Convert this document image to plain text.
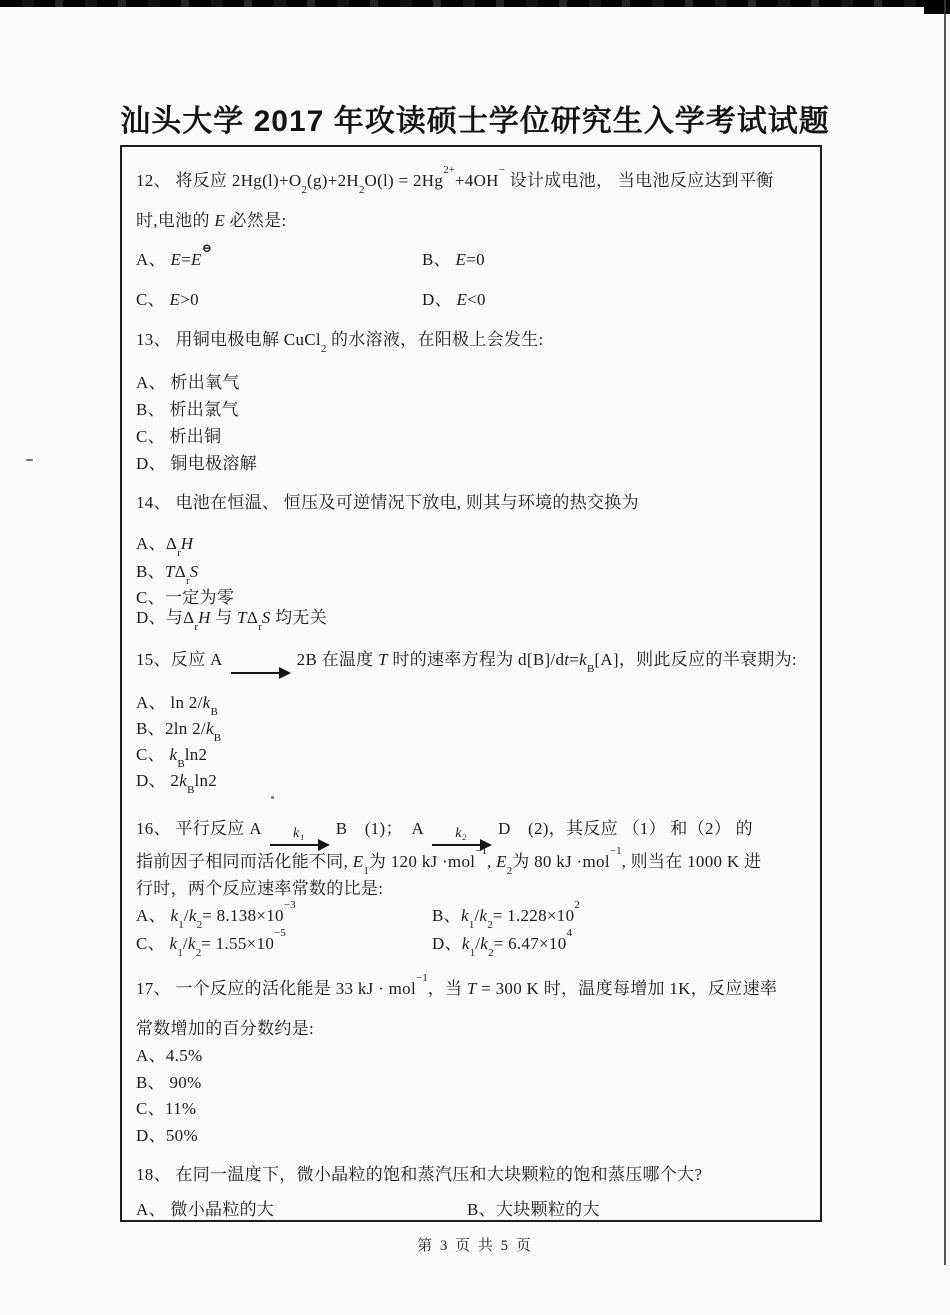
汕头大学 2017 年攻读硕士学位研究生入学考试试题
12、 将反应 $2Hg(l)+O_2(g)+2H_2O(l) = 2Hg^{2+}+4OH^-$ 设计成电池， 当电池反应达到平衡
时,电池的 E 必然是:
A、 E=E⊖
B、 E=0
C、 E>0	D、 E<0
13、 用铜电极电解 CuCl$_2$ 的水溶液，在阳极上会发生:
A、 析出氧气
B、 析出氯气
C、 析出铜
D、 铜电极溶解
14、 电池在恒温、 恒压及可逆情况下放电, 则其与环境的热交换为
A、$\Delta_rH$
B、$T\Delta_rS$
C、一定为零
D、与$\Delta_rH$ 与 $T\Delta_rS$ 均无关
15、反应 A	2B 在温度 T 时的速率方程为 $d[B]/dt=k_B[A]$，则此反应的半衰期为:
A、 $\ln 2/k_B$
B、2ln $2/k_B$
C、 $k_B\ln 2$
D、 $2k_B\ln 2$
16、 平行反应 A k₁ B　(1)；　A k₂ D　(2)，其反应 （1） 和（2） 的
指前因子相同而活化能不同, $E_1$为 120 kJ ·mol$^{-1}$, $E_2$为 80 kJ ·mol$^{-1}$, 则当在 1000 K 进
行时，两个反应速率常数的比是:
A、 $k_1/k_2= 8.138\times 10^{-3}$
B、$k_1/k_2= 1.228\times 10^2$
C、 $k_1/k_2= 1.55\times 10^{-5}$
D、$k_1/k_2= 6.47\times 10^4$
17、 一个反应的活化能是 33 kJ · mol$^{-1}$，当 T = 300 K 时，温度每增加 1K，反应速率
常数增加的百分数约是:
A、4.5%
B、 90%
C、11%
D、50%
18、 在同一温度下，微小晶粒的饱和蒸汽压和大块颗粒的饱和蒸压哪个大?
A、 微小晶粒的大	B、大块颗粒的大
第 3 页 共 5 页
